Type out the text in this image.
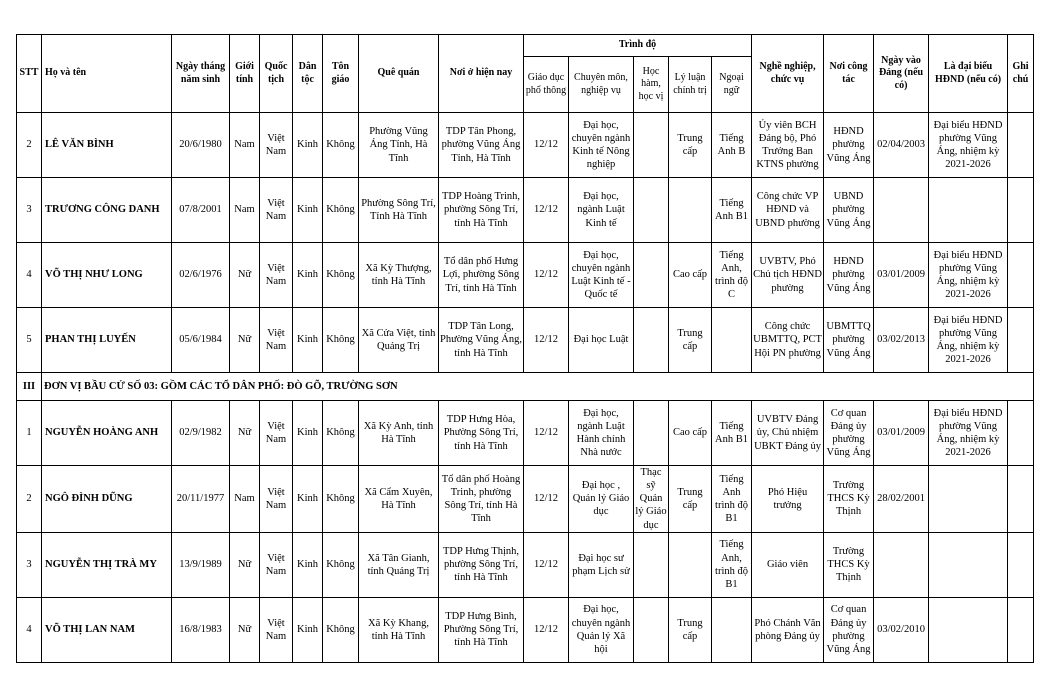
STT	Họ và tên	Ngày tháng năm sinh	Giới tính	Quốc tịch	Dân tộc	Tôn giáo	Quê quán	Nơi ở hiện nay	Trình độ					Nghề nghiệp, chức vụ	Nơi công tác	Ngày vào Đảng (nếu có)	Là đại biểu HĐND (nếu có)	Ghi chú
									Giáo dục phổ thông	Chuyên môn, nghiệp vụ	Học hàm, học vị	Lý luận chính trị	Ngoại ngữ					
2	LÊ VĂN BÌNH	20/6/1980	Nam	Việt Nam	Kinh	Không	Phường Vũng Áng Tỉnh, Hà Tĩnh	TDP Tân Phong, phường Vũng Áng Tỉnh, Hà Tĩnh	12/12	Đại học, chuyên ngành Kinh tế Nông nghiệp		Trung cấp	Tiếng Anh B	Ủy viên BCH Đảng bộ, Phó Trưởng Ban KTNS phường	HĐND phường Vũng Áng	02/04/2003	Đại biểu HĐND phường Vũng Áng, nhiệm kỳ 2021-2026	
3	TRƯƠNG CÔNG DANH	07/8/2001	Nam	Việt Nam	Kinh	Không	Phường Sông Trí, Tỉnh Hà Tĩnh	TDP Hoàng Trinh, phường Sông Trí, tỉnh Hà Tĩnh	12/12	Đại học, ngành Luật Kinh tế			Tiếng Anh B1	Công chức VP HĐND và UBND phường	UBND phường Vũng Áng			
4	VÕ THỊ NHƯ LONG	02/6/1976	Nữ	Việt Nam	Kinh	Không	Xã Kỳ Thượng, tỉnh Hà Tĩnh	Tổ dân phố Hưng Lợi, phường Sông Trí, tỉnh Hà Tĩnh	12/12	Đại học, chuyên ngành Luật Kinh tế - Quốc tế		Cao cấp	Tiếng Anh, trình độ C	UVBTV, Phó Chủ tịch HĐND phường	HĐND phường Vũng Áng	03/01/2009	Đại biểu HĐND phường Vũng Áng, nhiệm kỳ 2021-2026	
5	PHAN THỊ LUYẾN	05/6/1984	Nữ	Việt Nam	Kinh	Không	Xã Cửa Việt, tỉnh Quảng Trị	TDP Tân Long, Phường Vũng Áng, tỉnh Hà Tĩnh	12/12	Đại học Luật		Trung cấp		Công chức UBMTTQ, PCT Hội PN phường	UBMTTQ phường Vũng Áng	03/02/2013	Đại biểu HĐND phường Vũng Áng, nhiệm kỳ 2021-2026	
III	ĐƠN VỊ BẦU CỬ SỐ 03: GỒM CÁC TỔ DÂN PHỐ: ĐÒ GÕ, TRƯỜNG SƠN																	
1	NGUYỄN HOÀNG ANH	02/9/1982	Nữ	Việt Nam	Kinh	Không	Xã Kỳ Anh, tỉnh Hà Tĩnh	TDP Hưng Hòa, Phường Sông Trí, tỉnh Hà Tĩnh	12/12	Đại học, ngành Luật Hành chính Nhà nước		Cao cấp	Tiếng Anh B1	UVBTV Đảng ủy, Chủ nhiệm UBKT Đảng ủy	Cơ quan Đảng ủy phường Vũng Áng	03/01/2009	Đại biểu HĐND phường Vũng Áng, nhiệm kỳ 2021-2026	
2	NGÔ ĐÌNH DŨNG	20/11/1977	Nam	Việt Nam	Kinh	Không	Xã Cẩm Xuyên, Hà Tĩnh	Tổ dân phố Hoàng Trinh, phường Sông Trí, tỉnh Hà Tĩnh	12/12	Đại học , Quản lý Giáo dục	Thạc sỹ Quản lý Giáo dục	Trung cấp	Tiếng Anh trình độ B1	Phó Hiệu trưởng	Trường THCS Kỳ Thịnh	28/02/2001		
3	NGUYỄN THỊ TRÀ MY	13/9/1989	Nữ	Việt Nam	Kinh	Không	Xã Tân Gianh, tỉnh Quảng Trị	TDP Hưng Thịnh, phường Sông Trí, tỉnh Hà Tĩnh	12/12	Đại học sư phạm Lịch sử			Tiếng Anh, trình độ B1	Giáo viên	Trường THCS Kỳ Thịnh			
4	VÕ THỊ LAN NAM	16/8/1983	Nữ	Việt Nam	Kinh	Không	Xã Kỳ Khang, tỉnh Hà Tĩnh	TDP Hưng Bình, Phường Sông Trí, tỉnh Hà Tĩnh	12/12	Đại học, chuyên ngành Quản lý Xã hội		Trung cấp		Phó Chánh Văn phòng Đảng ủy	Cơ quan Đảng ủy phường Vũng Áng	03/02/2010		
